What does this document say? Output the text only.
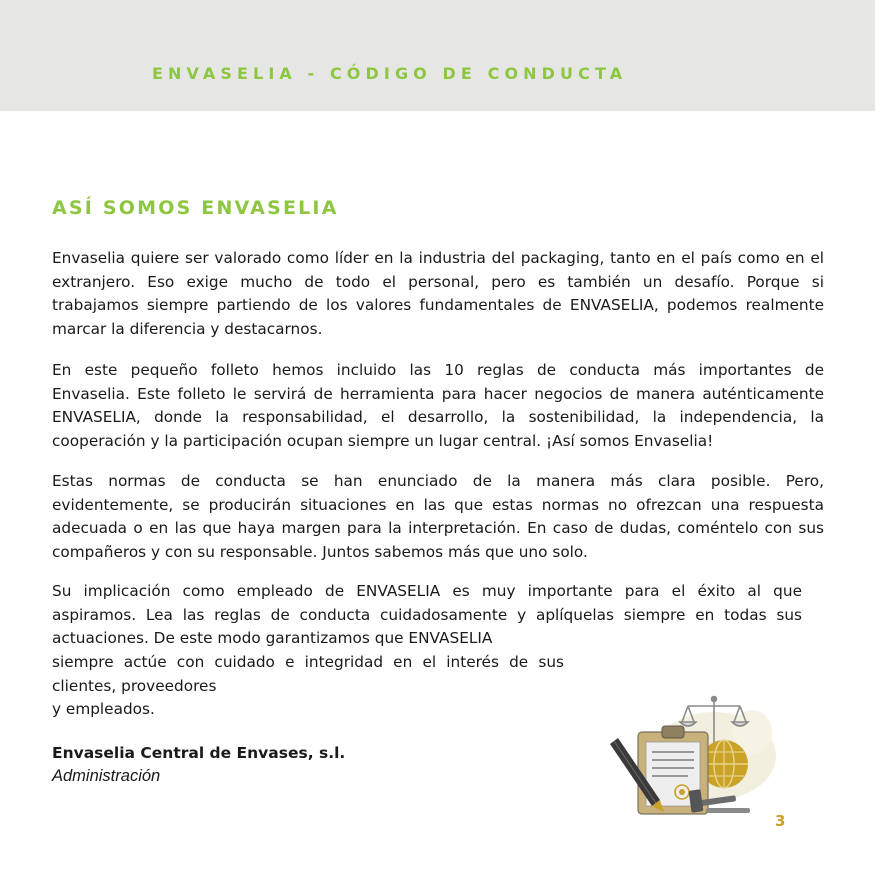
ENVASELIA - CÓDIGO DE CONDUCTA
ASÍ SOMOS ENVASELIA

Envaselia quiere ser valorado como líder en la industria del packaging, tanto en el país como en el
extranjero. Eso exige mucho de todo el personal, pero es también un desafío. Porque si
trabajamos siempre partiendo de los valores fundamentales de ENVASELIA, podemos realmente
marcar la diferencia y destacarnos.

En este pequeño folleto hemos incluido las 10 reglas de conducta más importantes de
Envaselia. Este folleto le servirá de herramienta para hacer negocios de manera auténticamente
ENVASELIA, donde la responsabilidad, el desarrollo, la sostenibilidad, la independencia, la
cooperación y la participación ocupan siempre un lugar central. ¡Así somos Envaselia!

Estas normas de conducta se han enunciado de la manera más clara posible. Pero,
evidentemente, se producirán situaciones en las que estas normas no ofrezcan una respuesta
adecuada o en las que haya margen para la interpretación. En caso de dudas, coméntelo con sus
compañeros y con su responsable. Juntos sabemos más que uno solo.

Su implicación como empleado de ENVASELIA es muy importante para el éxito al que
aspiramos. Lea las reglas de conducta cuidadosamente y aplíquelas siempre en todas sus
actuaciones. De este modo garantizamos que ENVASELIA

siempre actúe con cuidado e integridad en el interés de sus
clientes, proveedores
y empleados.
Envaselia Central de Envases, s.l.
Administración
3
